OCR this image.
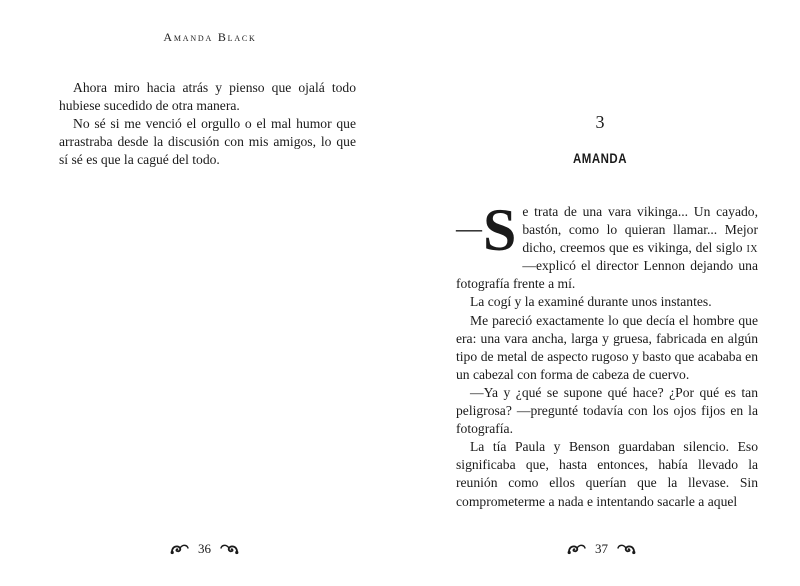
Amanda Black

Ahora miro hacia atrás y pienso que ojalá todo hubiese sucedido de otra manera.

No sé si me venció el orgullo o el mal humor que arrastraba desde la discusión con mis amigos, lo que sí sé es que la cagué del todo.

36
3
AMANDA

— S e trata de una vara vikinga... Un cayado, bastón, como lo quieran llamar... Mejor dicho, creemos que es vikinga, del siglo ix —explicó el director Lennon dejando una fotografía frente a mí.

La cogí y la examiné durante unos instantes.

Me pareció exactamente lo que decía el hombre que era: una vara ancha, larga y gruesa, fabricada en algún tipo de metal de aspecto rugoso y basto que acababa en un cabezal con forma de cabeza de cuervo.

—Ya y ¿qué se supone qué hace? ¿Por qué es tan peligrosa? —pregunté todavía con los ojos fijos en la fotografía.

La tía Paula y Benson guardaban silencio. Eso significaba que, hasta entonces, había llevado la reunión como ellos querían que la llevase. Sin comprometerme a nada e intentando sacarle a aquel

37
